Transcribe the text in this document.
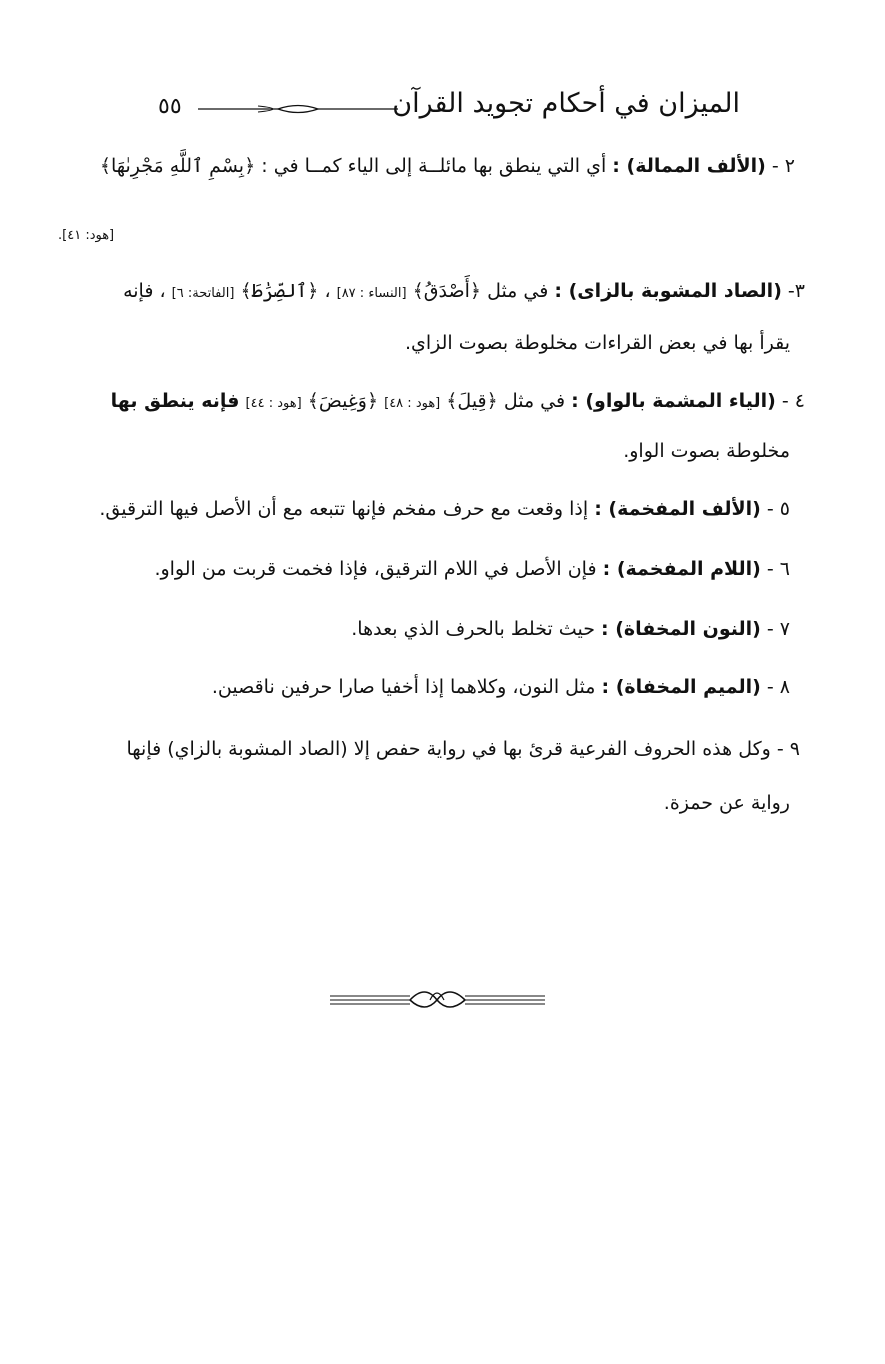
٥٥	الميزان في أحكام تجويد القرآن
٢ - (الألف الممالة) : أي التي ينطق بها مائلــة إلى الياء كمــا في : ﴿بِسْمِ ٱللَّهِ مَجْرِىٰهَا﴾
[هود: ٤١].
٣- (الصاد المشوبة بالزاى) : في مثل ﴿أَصْدَقُ﴾ [النساء : ٨٧] ، ﴿ٱلصِّرَٰطَ﴾ [الفاتحة: ٦] ، فإنه
يقرأ بها في بعض القراءات مخلوطة بصوت الزاي.
٤ - (الياء المشمة بالواو) : في مثل ﴿قِيلَ﴾ [هود : ٤٨] ﴿وَغِيضَ﴾ [هود : ٤٤] فإنه ينطق بها
مخلوطة بصوت الواو.
٥ - (الألف المفخمة) : إذا وقعت مع حرف مفخم فإنها تتبعه مع أن الأصل فيها الترقيق.
٦ - (اللام المفخمة) : فإن الأصل في اللام الترقيق، فإذا فخمت قربت من الواو.
٧ - (النون المخفاة) : حيث تخلط بالحرف الذي بعدها.
٨ - (الميم المخفاة) : مثل النون، وكلاهما إذا أخفيا صارا حرفين ناقصين.
٩ - وكل هذه الحروف الفرعية قرئ بها في رواية حفص إلا (الصاد المشوبة بالزاي) فإنها
رواية عن حمزة.
